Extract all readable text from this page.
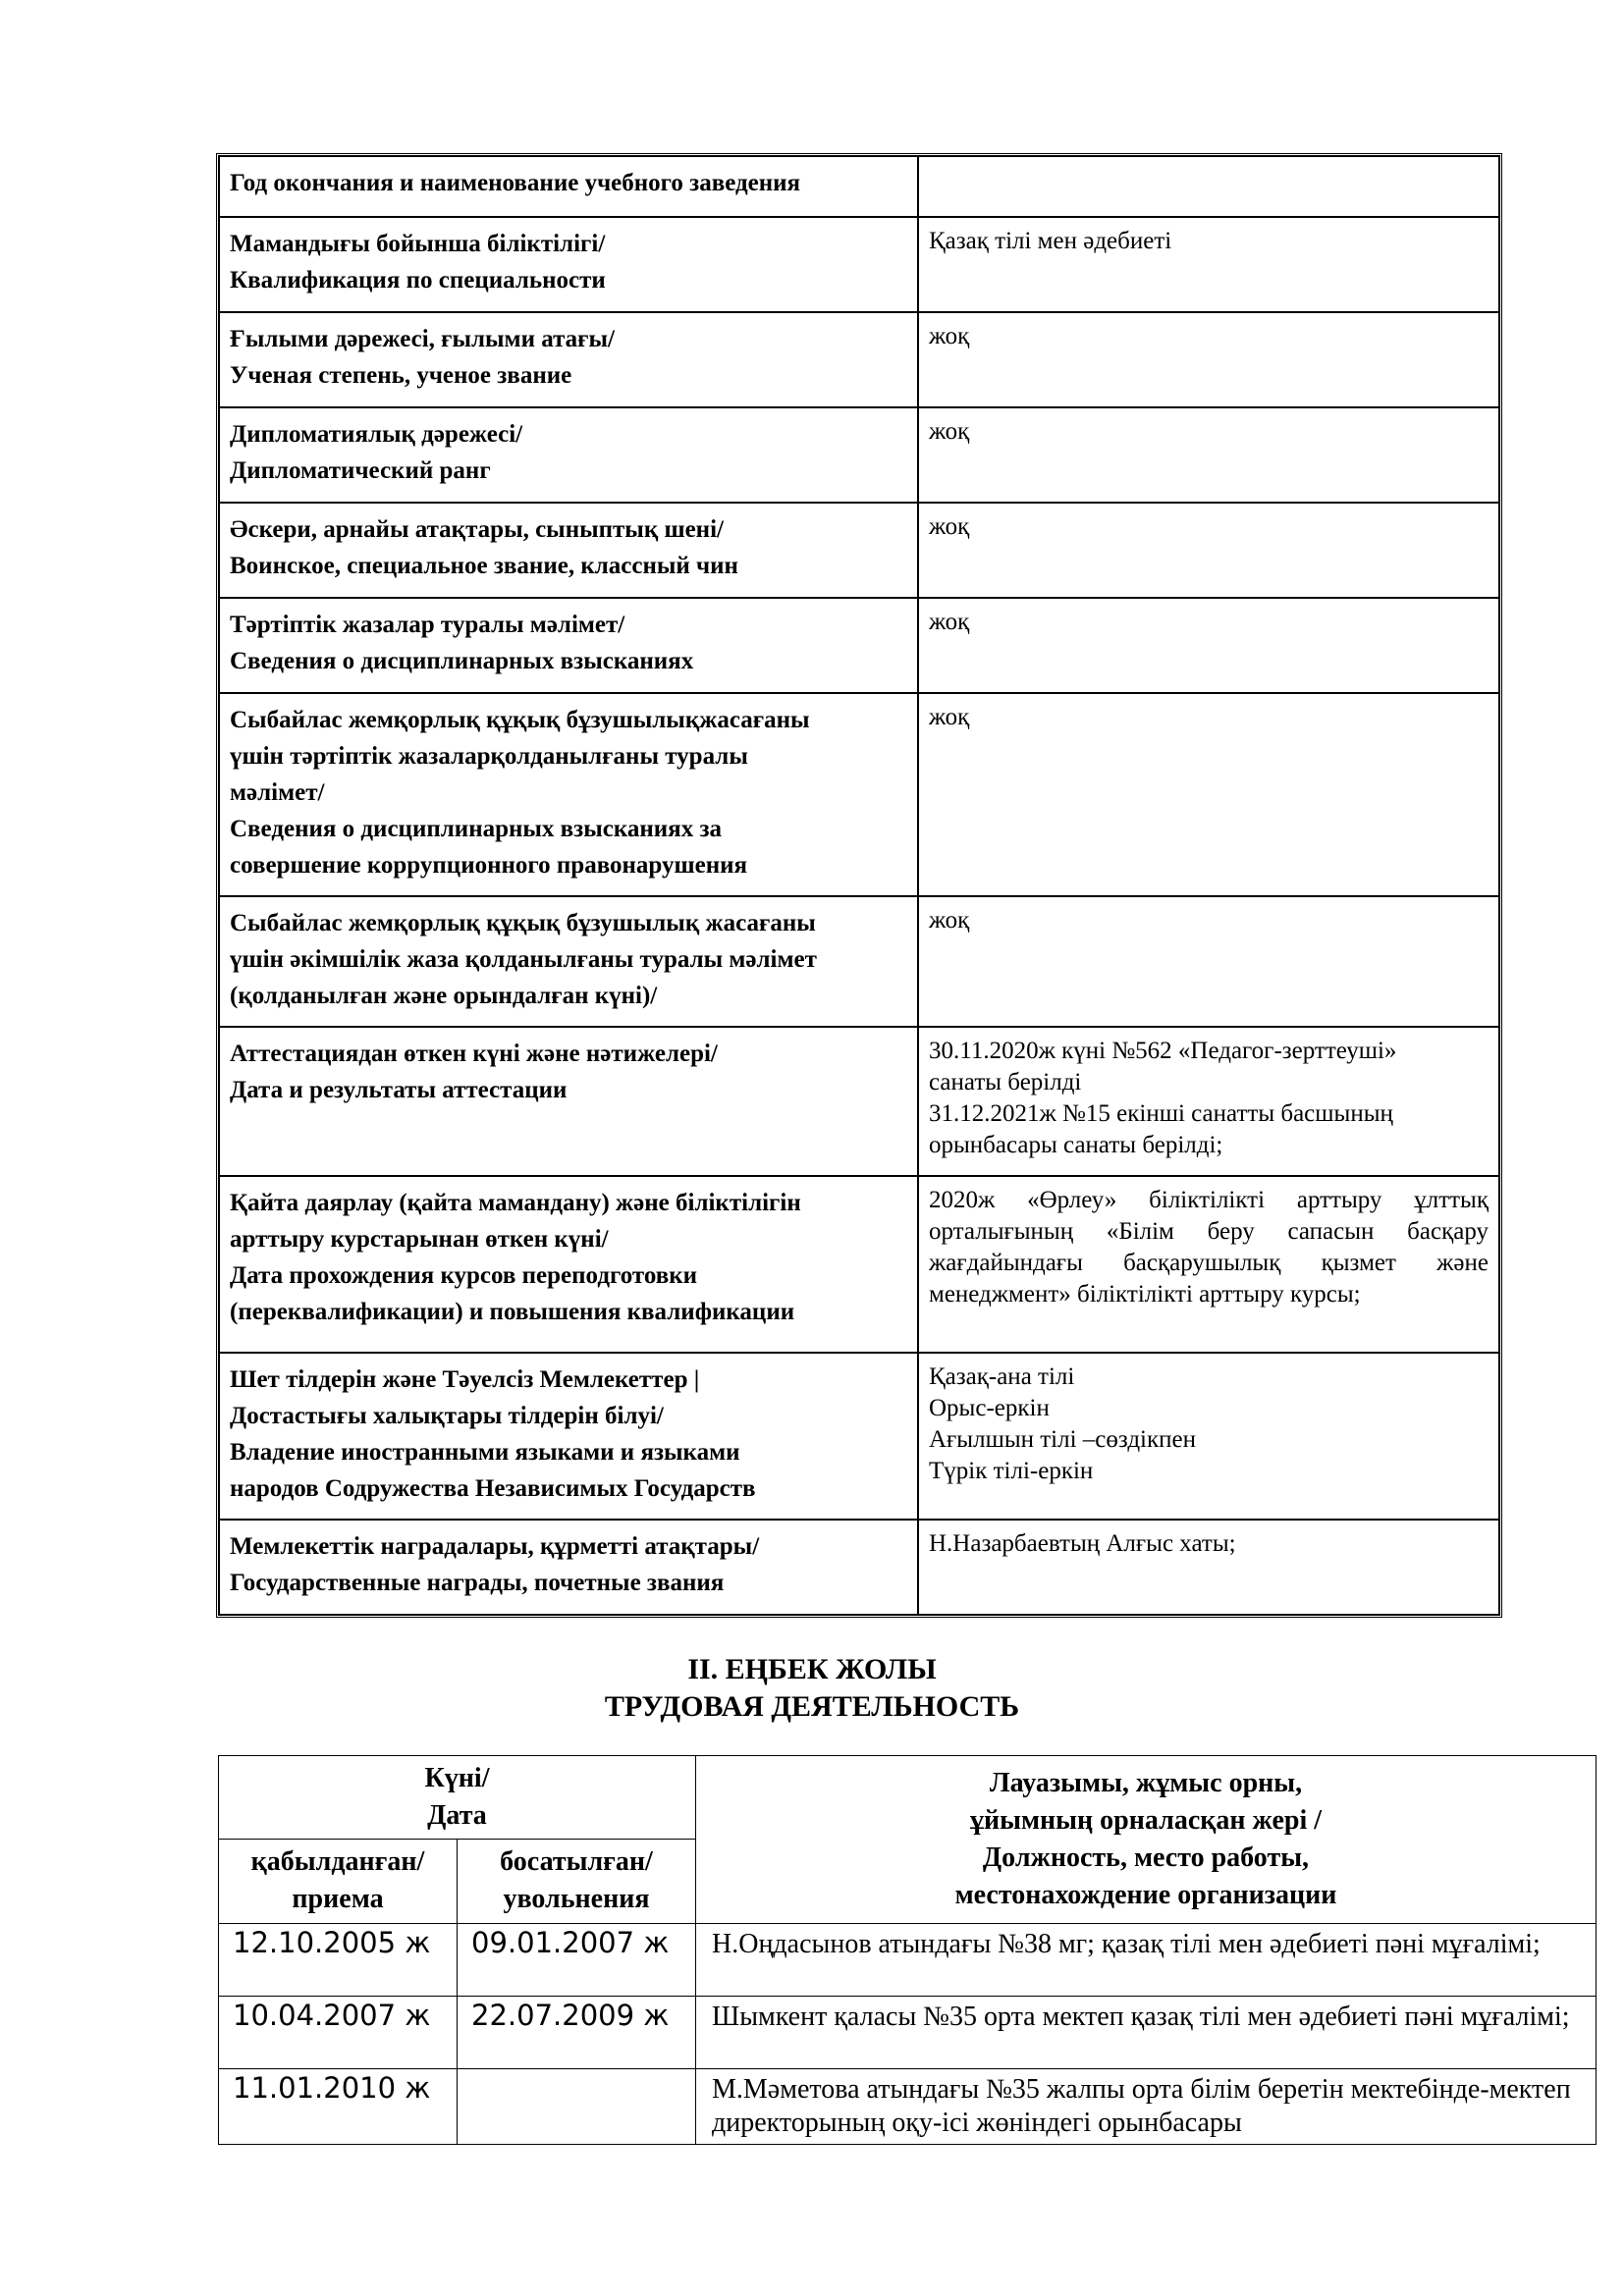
Год окончания и наименование учебного заведения	

Мамандығы бойынша біліктілігі/
Квалификация по специальности	Қазақ тілі мен әдебиеті

Ғылыми дәрежесі, ғылыми атағы/
Ученая степень, ученое звание	жоқ

Дипломатиялық дәрежесі/
Дипломатический ранг	жоқ

Әскери, арнайы атақтары, сыныптық шені/
Воинское, специальное звание, классный чин	жоқ

Тәртіптік жазалар туралы мәлімет/
Сведения о дисциплинарных взысканиях	жоқ

Сыбайлас жемқорлық құқық бұзушылықжасағаны
үшін тәртіптік жазаларқолданылғаны туралы
мәлімет/
Сведения о дисциплинарных взысканиях за
совершение коррупционного правонарушения	жоқ

Сыбайлас жемқорлық құқық бұзушылық жасағаны
үшін әкімшілік жаза қолданылғаны туралы мәлімет
(қолданылған және орындалған күні)/	жоқ

Аттестациядан өткен күні және нәтижелері/
Дата и результаты аттестации	30.11.2020ж күні №562 «Педагог-зерттеуші»
санаты берілді
31.12.2021ж №15 екінші санатты басшының
орынбасары санаты берілді;

Қайта даярлау (қайта мамандану) және біліктілігін
арттыру курстарынан өткен күні/
Дата прохождения курсов переподготовки
(переквалификации) и повышения квалификации	2020ж «Өрлеу» біліктілікті арттыру ұлттық орталығының «Білім беру сапасын басқару жағдайындағы басқарушылық қызмет және менеджмент» біліктілікті арттыру курсы;

Шет тілдерін және Тәуелсіз Мемлекеттер |
Достастығы халықтары тілдерін білуі/
Владение иностранными языками и языками
народов Содружества Независимых Государств	Қазақ-ана тілі
Орыс-еркін
Ағылшын тілі –сөздікпен
Түрік тілі-еркін

Мемлекеттік наградалары, құрметті атақтары/
Государственные награды, почетные звания	Н.Назарбаевтың Алғыс хаты;
II. ЕҢБЕК ЖОЛЫ
ТРУДОВАЯ ДЕЯТЕЛЬНОСТЬ
Күні/
Дата		Лауазымы, жұмыс орны,
ұйымның орналасқан жері /
Должность, место работы,
местонахождение организации

қабылданған/
приема	босатылған/
увольнения	

12.10.2005 ж	09.01.2007 ж	Н.Оңдасынов атындағы №38 мг; қазақ тілі мен әдебиеті пәні мұғалімі;
10.04.2007 ж	22.07.2009 ж	Шымкент қаласы №35 орта мектеп қазақ тілі мен әдебиеті пәні мұғалімі;
11.01.2010 ж		М.Мәметова атындағы №35 жалпы орта білім беретін мектебінде-мектеп директорының оқу-ісі жөніндегі орынбасары
